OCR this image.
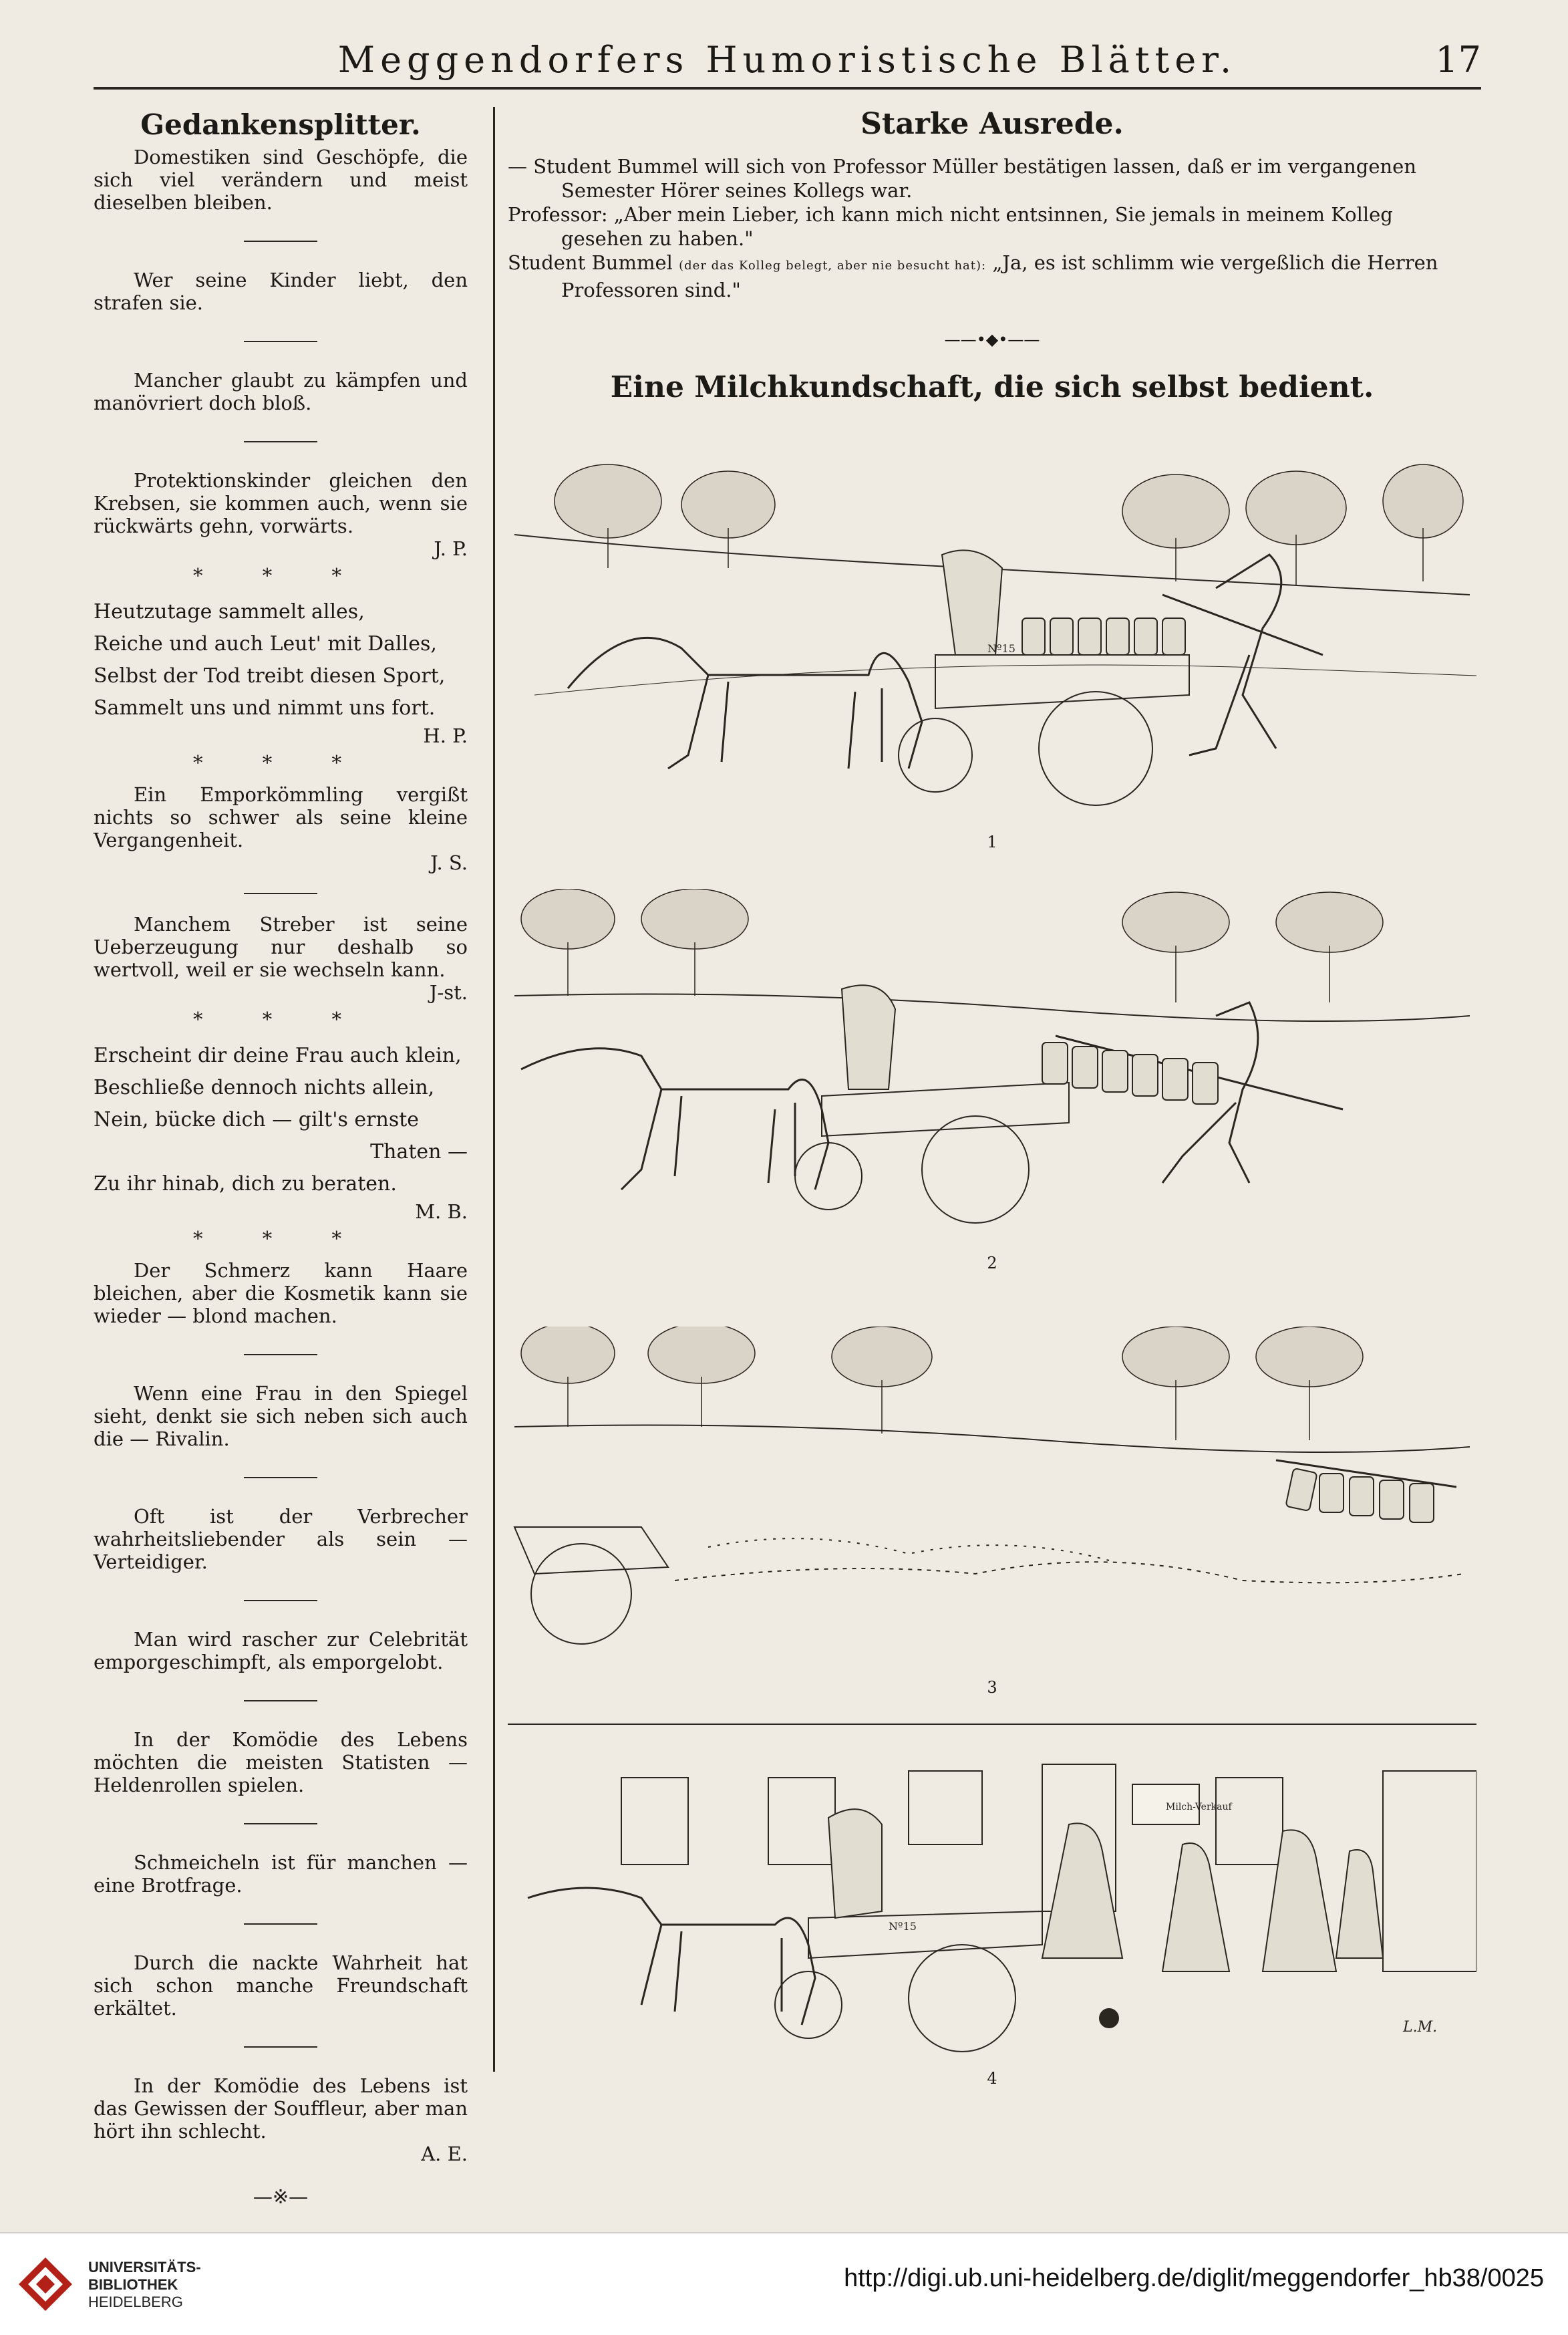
Meggendorfers Humoristische Blätter.	17
Gedankensplitter.

Domestiken sind Geschöpfe, die sich viel verändern und meist dieselben bleiben.

Wer seine Kinder liebt, den strafen sie.

Mancher glaubt zu kämpfen und manövriert doch bloß.

Protektionskinder gleichen den Krebsen, sie kommen auch, wenn sie rückwärts gehn, vorwärts.

J. P.

* * *

Heutzutage sammelt alles,

Reiche und auch Leut' mit Dalles,

Selbst der Tod treibt diesen Sport,

Sammelt uns und nimmt uns fort.

H. P.

* * *

Ein Emporkömmling vergißt nichts so schwer als seine kleine Vergangenheit.

J. S.

Manchem Streber ist seine Ueberzeugung nur deshalb so wertvoll, weil er sie wechseln kann.

J-st.

* * *

Erscheint dir deine Frau auch klein,

Beschließe dennoch nichts allein,

Nein, bücke dich — gilt's ernste

Thaten —

Zu ihr hinab, dich zu beraten.

M. B.

* * *

Der Schmerz kann Haare bleichen, aber die Kosmetik kann sie wieder — blond machen.

Wenn eine Frau in den Spiegel sieht, denkt sie sich neben sich auch die — Rivalin.

Oft ist der Verbrecher wahrheitsliebender als sein — Verteidiger.

Man wird rascher zur Celebrität emporgeschimpft, als emporgelobt.

In der Komödie des Lebens möchten die meisten Statisten — Heldenrollen spielen.

Schmeicheln ist für manchen — eine Brotfrage.

Durch die nackte Wahrheit hat sich schon manche Freundschaft erkältet.

In der Komödie des Lebens ist das Gewissen der Souffleur, aber man hört ihn schlecht.

A. E.

—※—

Starke Ausrede.

— Student Bummel will sich von Professor Müller bestätigen lassen, daß er im vergangenen Semester Hörer seines Kollegs war.

Professor: „Aber mein Lieber, ich kann mich nicht entsinnen, Sie jemals in meinem Kolleg gesehen zu haben."

Student Bummel (der das Kolleg belegt, aber nie besucht hat): „Ja, es ist schlimm wie vergeßlich die Herren Professoren sind."

——•◆•——
Eine Milchkundschaft, die sich selbst bedient.
Nº15
1
2
3
Milch-Verkauf
Nº15
L.M.
4
UNIVERSITÄTS-
BIBLIOTHEK
HEIDELBERG
http://digi.ub.uni-heidelberg.de/diglit/meggendorfer_hb38/0025
